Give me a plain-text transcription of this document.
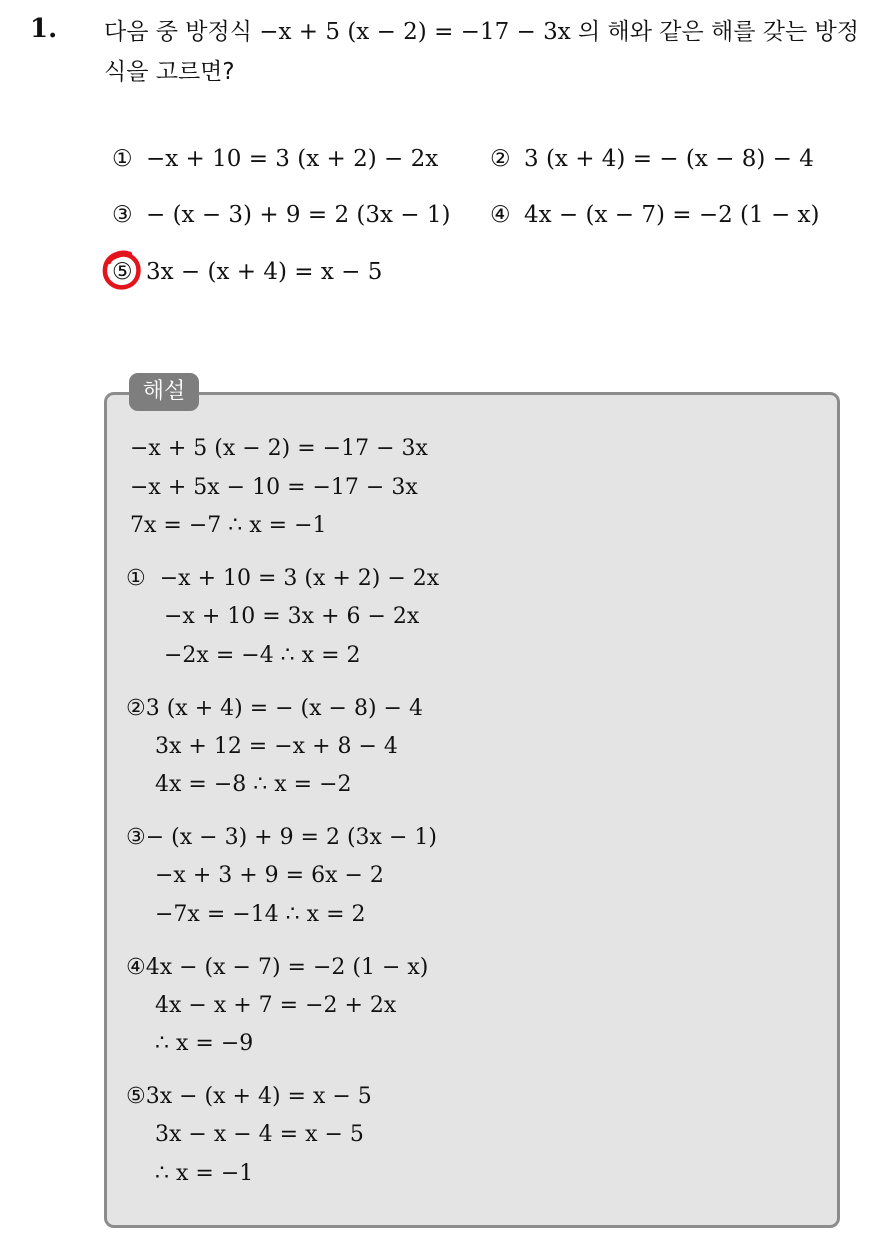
1. 다음 중 방정식 −x + 5 (x − 2) = −17 − 3x 의 해와 같은 해를 갖는 방정식을 고르면?
① −x + 10 = 3 (x + 2) − 2x ② 3 (x + 4) = − (x − 8) − 4
③ − (x − 3) + 9 = 2 (3x − 1) ④ 4x − (x − 7) = −2 (1 − x)
⑤ 3x − (x + 4) = x − 5
해설
−x + 5 (x − 2) = −17 − 3x
−x + 5x − 10 = −17 − 3x
7x = −7 ∴ x = −1
① −x + 10 = 3 (x + 2) − 2x
−x + 10 = 3x + 6 − 2x
−2x = −4 ∴ x = 2
②3 (x + 4) = − (x − 8) − 4
3x + 12 = −x + 8 − 4
4x = −8 ∴ x = −2
③− (x − 3) + 9 = 2 (3x − 1)
−x + 3 + 9 = 6x − 2
−7x = −14 ∴ x = 2
④4x − (x − 7) = −2 (1 − x)
4x − x + 7 = −2 + 2x
∴ x = −9
⑤3x − (x + 4) = x − 5
3x − x − 4 = x − 5
∴ x = −1
